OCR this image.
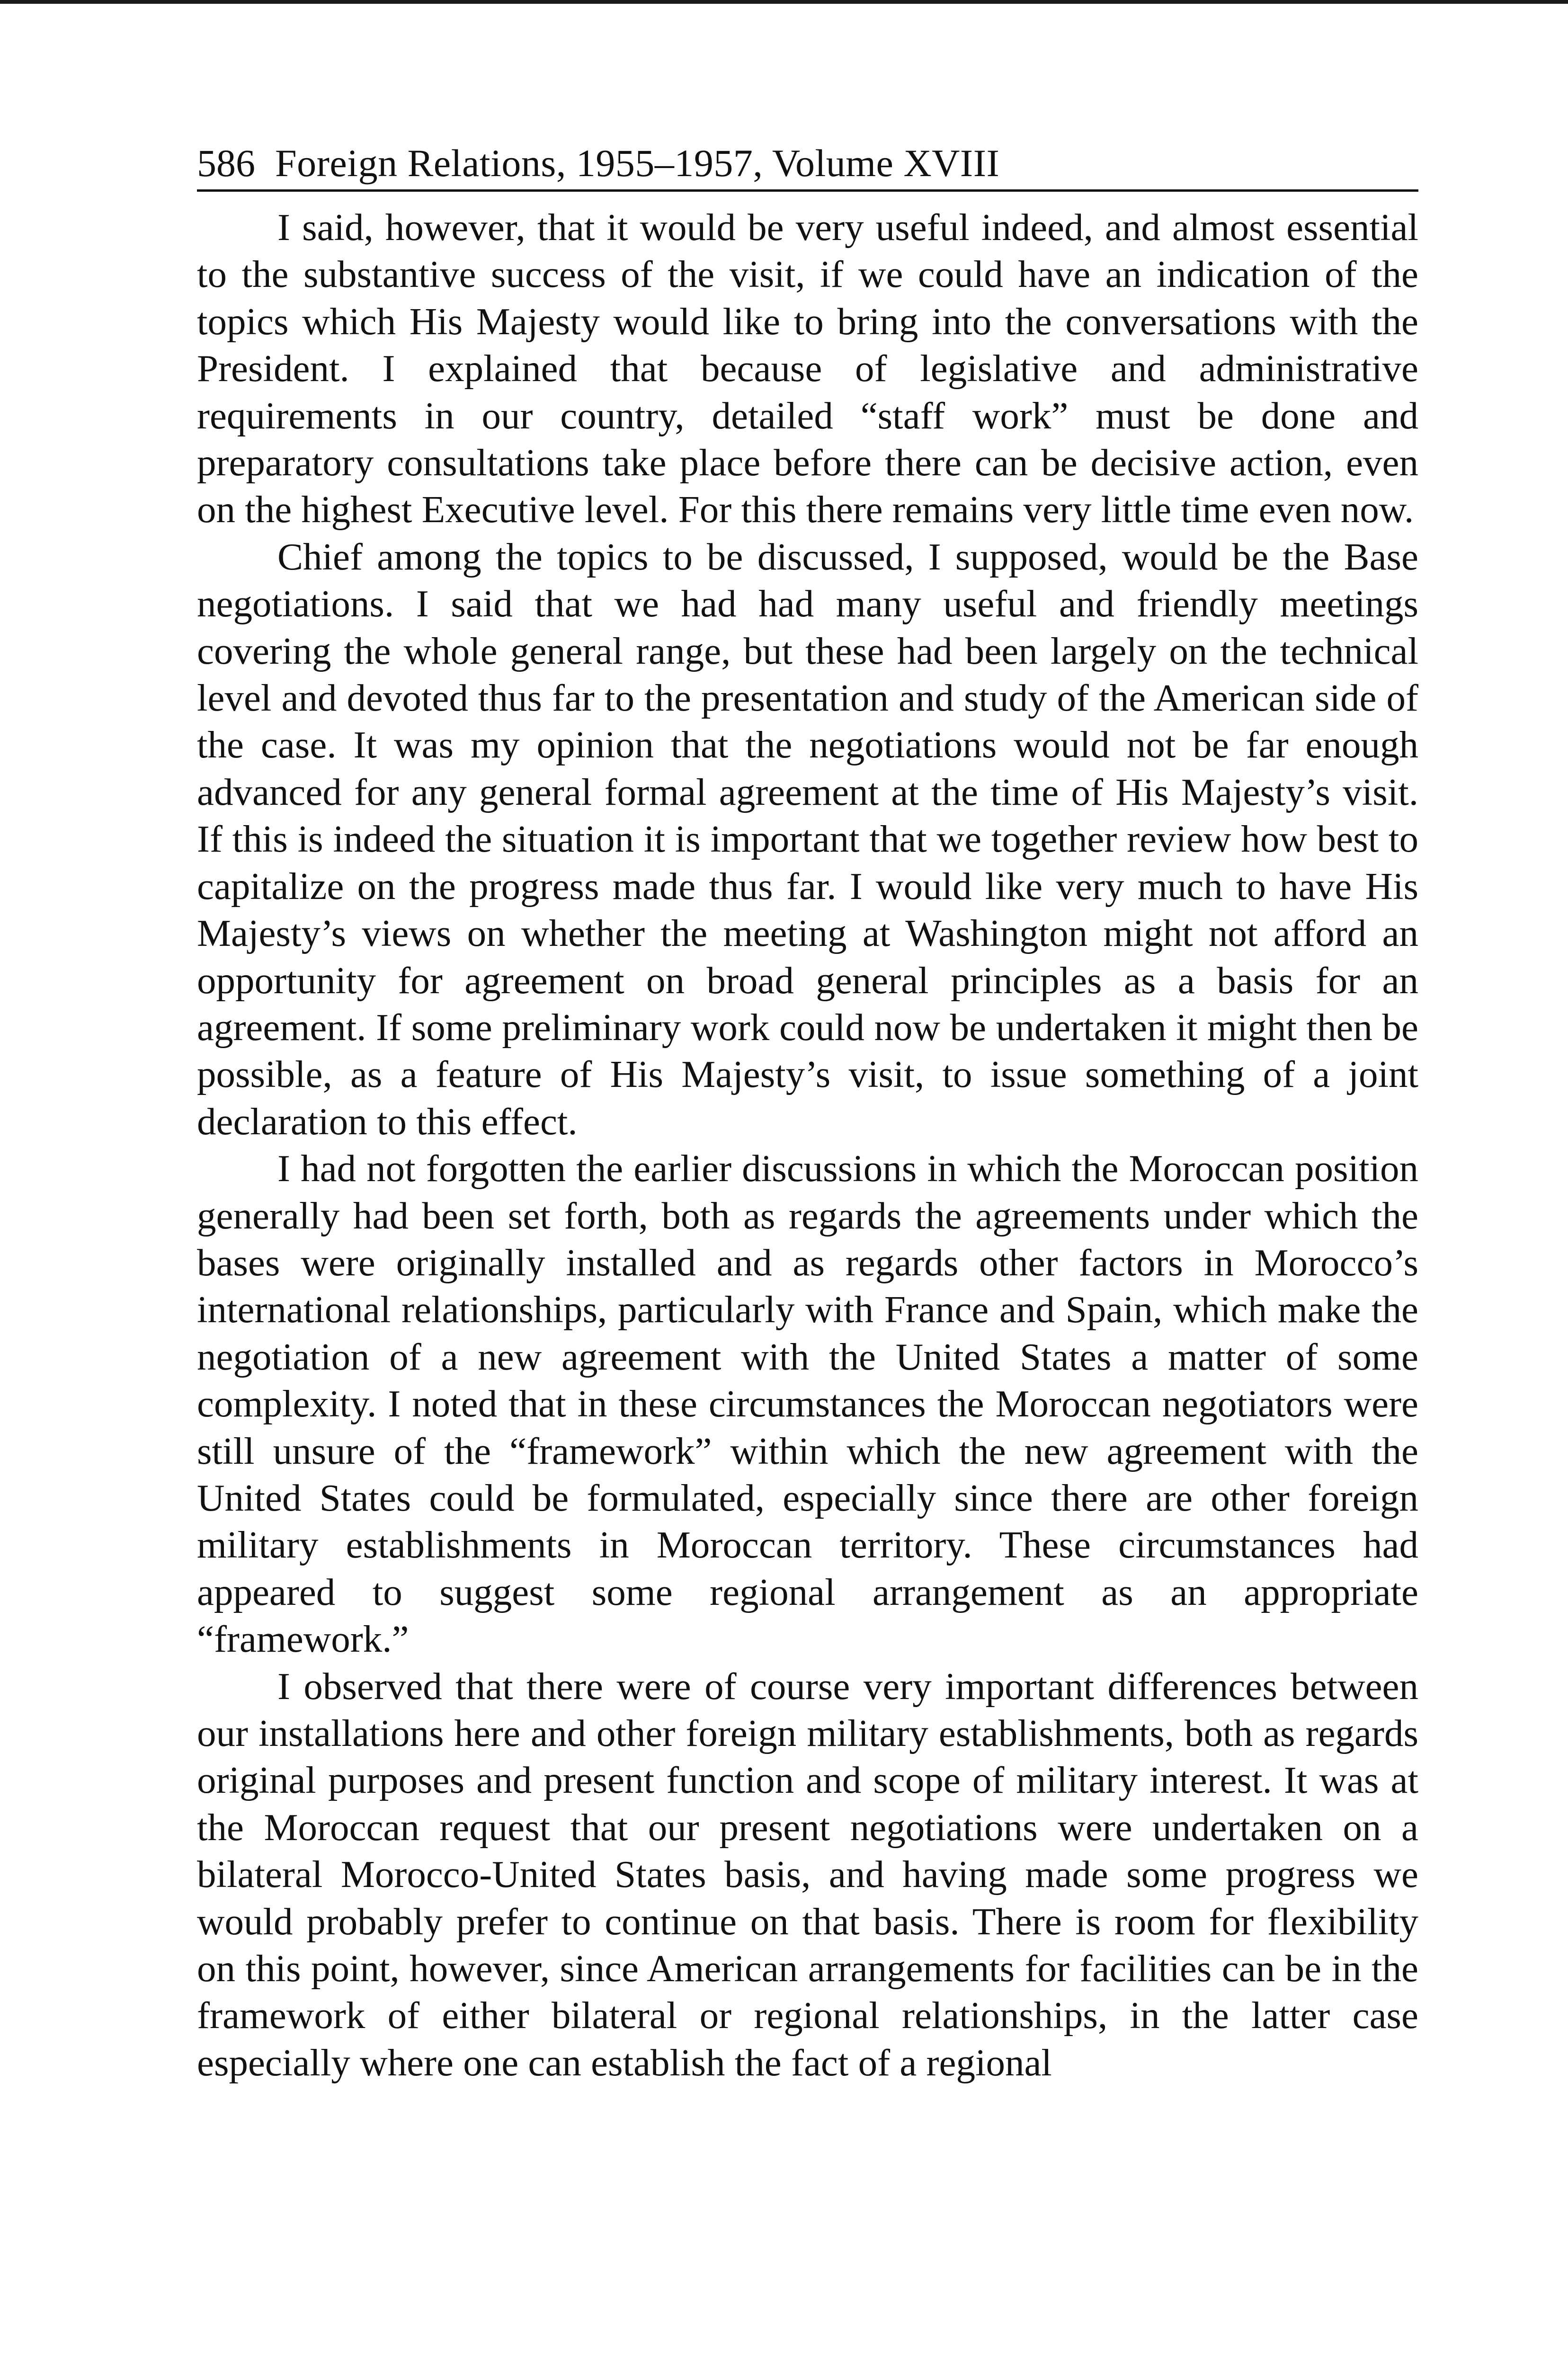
586 Foreign Relations, 1955–1957, Volume XVIII

I said, however, that it would be very useful indeed, and almost essential to the substantive success of the visit, if we could have an indication of the topics which His Majesty would like to bring into the conversations with the President. I explained that because of legislative and administrative requirements in our country, detailed “staff work” must be done and preparatory consultations take place before there can be decisive action, even on the highest Executive level. For this there remains very little time even now.

Chief among the topics to be discussed, I supposed, would be the Base negotiations. I said that we had had many useful and friendly meetings covering the whole general range, but these had been largely on the technical level and devoted thus far to the presentation and study of the American side of the case. It was my opinion that the negotiations would not be far enough advanced for any general formal agreement at the time of His Majesty’s visit. If this is indeed the situation it is important that we together review how best to capitalize on the progress made thus far. I would like very much to have His Majesty’s views on whether the meeting at Washington might not afford an opportunity for agreement on broad general principles as a basis for an agreement. If some preliminary work could now be undertaken it might then be possible, as a feature of His Majesty’s visit, to issue something of a joint declaration to this effect.

I had not forgotten the earlier discussions in which the Moroccan position generally had been set forth, both as regards the agreements under which the bases were originally installed and as regards other factors in Morocco’s international relationships, particularly with France and Spain, which make the negotiation of a new agreement with the United States a matter of some complexity. I noted that in these circumstances the Moroccan negotiators were still unsure of the “framework” within which the new agreement with the United States could be formulated, especially since there are other foreign military establishments in Moroccan territory. These circumstances had appeared to suggest some regional arrangement as an appropriate “framework.”

I observed that there were of course very important differences between our installations here and other foreign military establishments, both as regards original purposes and present function and scope of military interest. It was at the Moroccan request that our present negotiations were undertaken on a bilateral Morocco-United States basis, and having made some progress we would probably prefer to continue on that basis. There is room for flexibility on this point, however, since American arrangements for facilities can be in the framework of either bilateral or regional relationships, in the latter case especially where one can establish the fact of a regional
